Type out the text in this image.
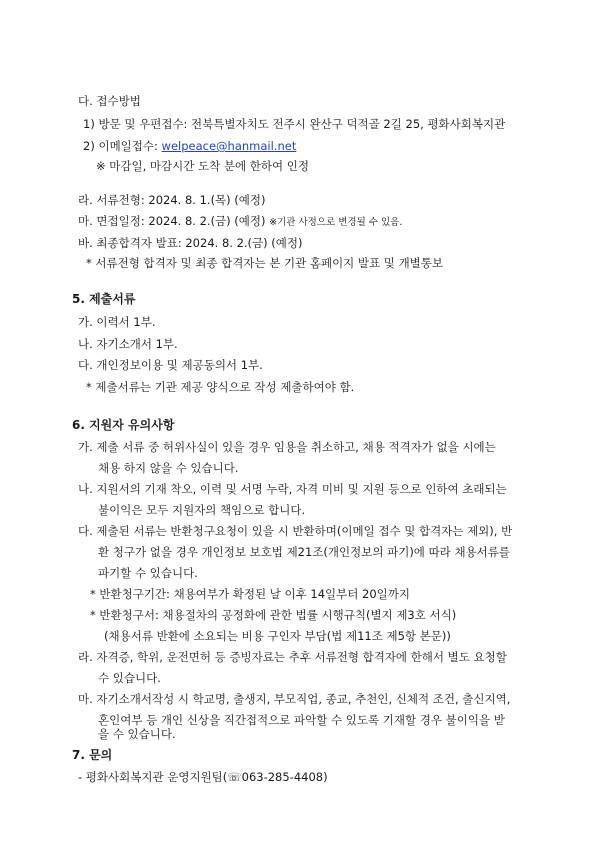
다. 접수방법
1) 방문 및 우편접수: 전북특별자치도 전주시 완산구 덕적골 2길 25, 평화사회복지관
2) 이메일접수: welpeace@hanmail.net
※ 마감일, 마감시간 도착 분에 한하여 인정
라. 서류전형: 2024. 8. 1.(목) (예정)
마. 면접일정: 2024. 8. 2.(금) (예정) ※기관 사정으로 변경될 수 있음.
바. 최종합격자 발표: 2024. 8. 2.(금) (예정)
* 서류전형 합격자 및 최종 합격자는 본 기관 홈페이지 발표 및 개별통보
5. 제출서류
가. 이력서 1부.
나. 자기소개서 1부.
다. 개인정보이용 및 제공동의서 1부.
* 제출서류는 기관 제공 양식으로 작성 제출하여야 함.
6. 지원자 유의사항
가. 제출 서류 중 허위사실이 있을 경우 임용을 취소하고, 채용 적격자가 없을 시에는
채용 하지 않을 수 있습니다.
나. 지원서의 기재 착오, 이력 및 서명 누락, 자격 미비 및 지원 등으로 인하여 초래되는
불이익은 모두 지원자의 책임으로 합니다.
다. 제출된 서류는 반환청구요청이 있을 시 반환하며(이메일 접수 및 합격자는 제외), 반
환 청구가 없을 경우 개인정보 보호법 제21조(개인정보의 파기)에 따라 채용서류를
파기할 수 있습니다.
* 반환청구기간: 채용여부가 확정된 날 이후 14일부터 20일까지
* 반환청구서: 채용절차의 공정화에 관한 법률 시행규칙(별지 제3호 서식)
(채용서류 반환에 소요되는 비용 구인자 부담(법 제11조 제5항 본문))
라. 자격증, 학위, 운전면허 등 증빙자료는 추후 서류전형 합격자에 한해서 별도 요청할
수 있습니다.
마. 자기소개서작성 시 학교명, 출생지, 부모직업, 종교, 추천인, 신체적 조건, 출신지역,
혼인여부 등 개인 신상을 직간접적으로 파악할 수 있도록 기재할 경우 불이익을 받
을 수 있습니다.
7. 문의
- 평화사회복지관 운영지원팀(☏063-285-4408)
